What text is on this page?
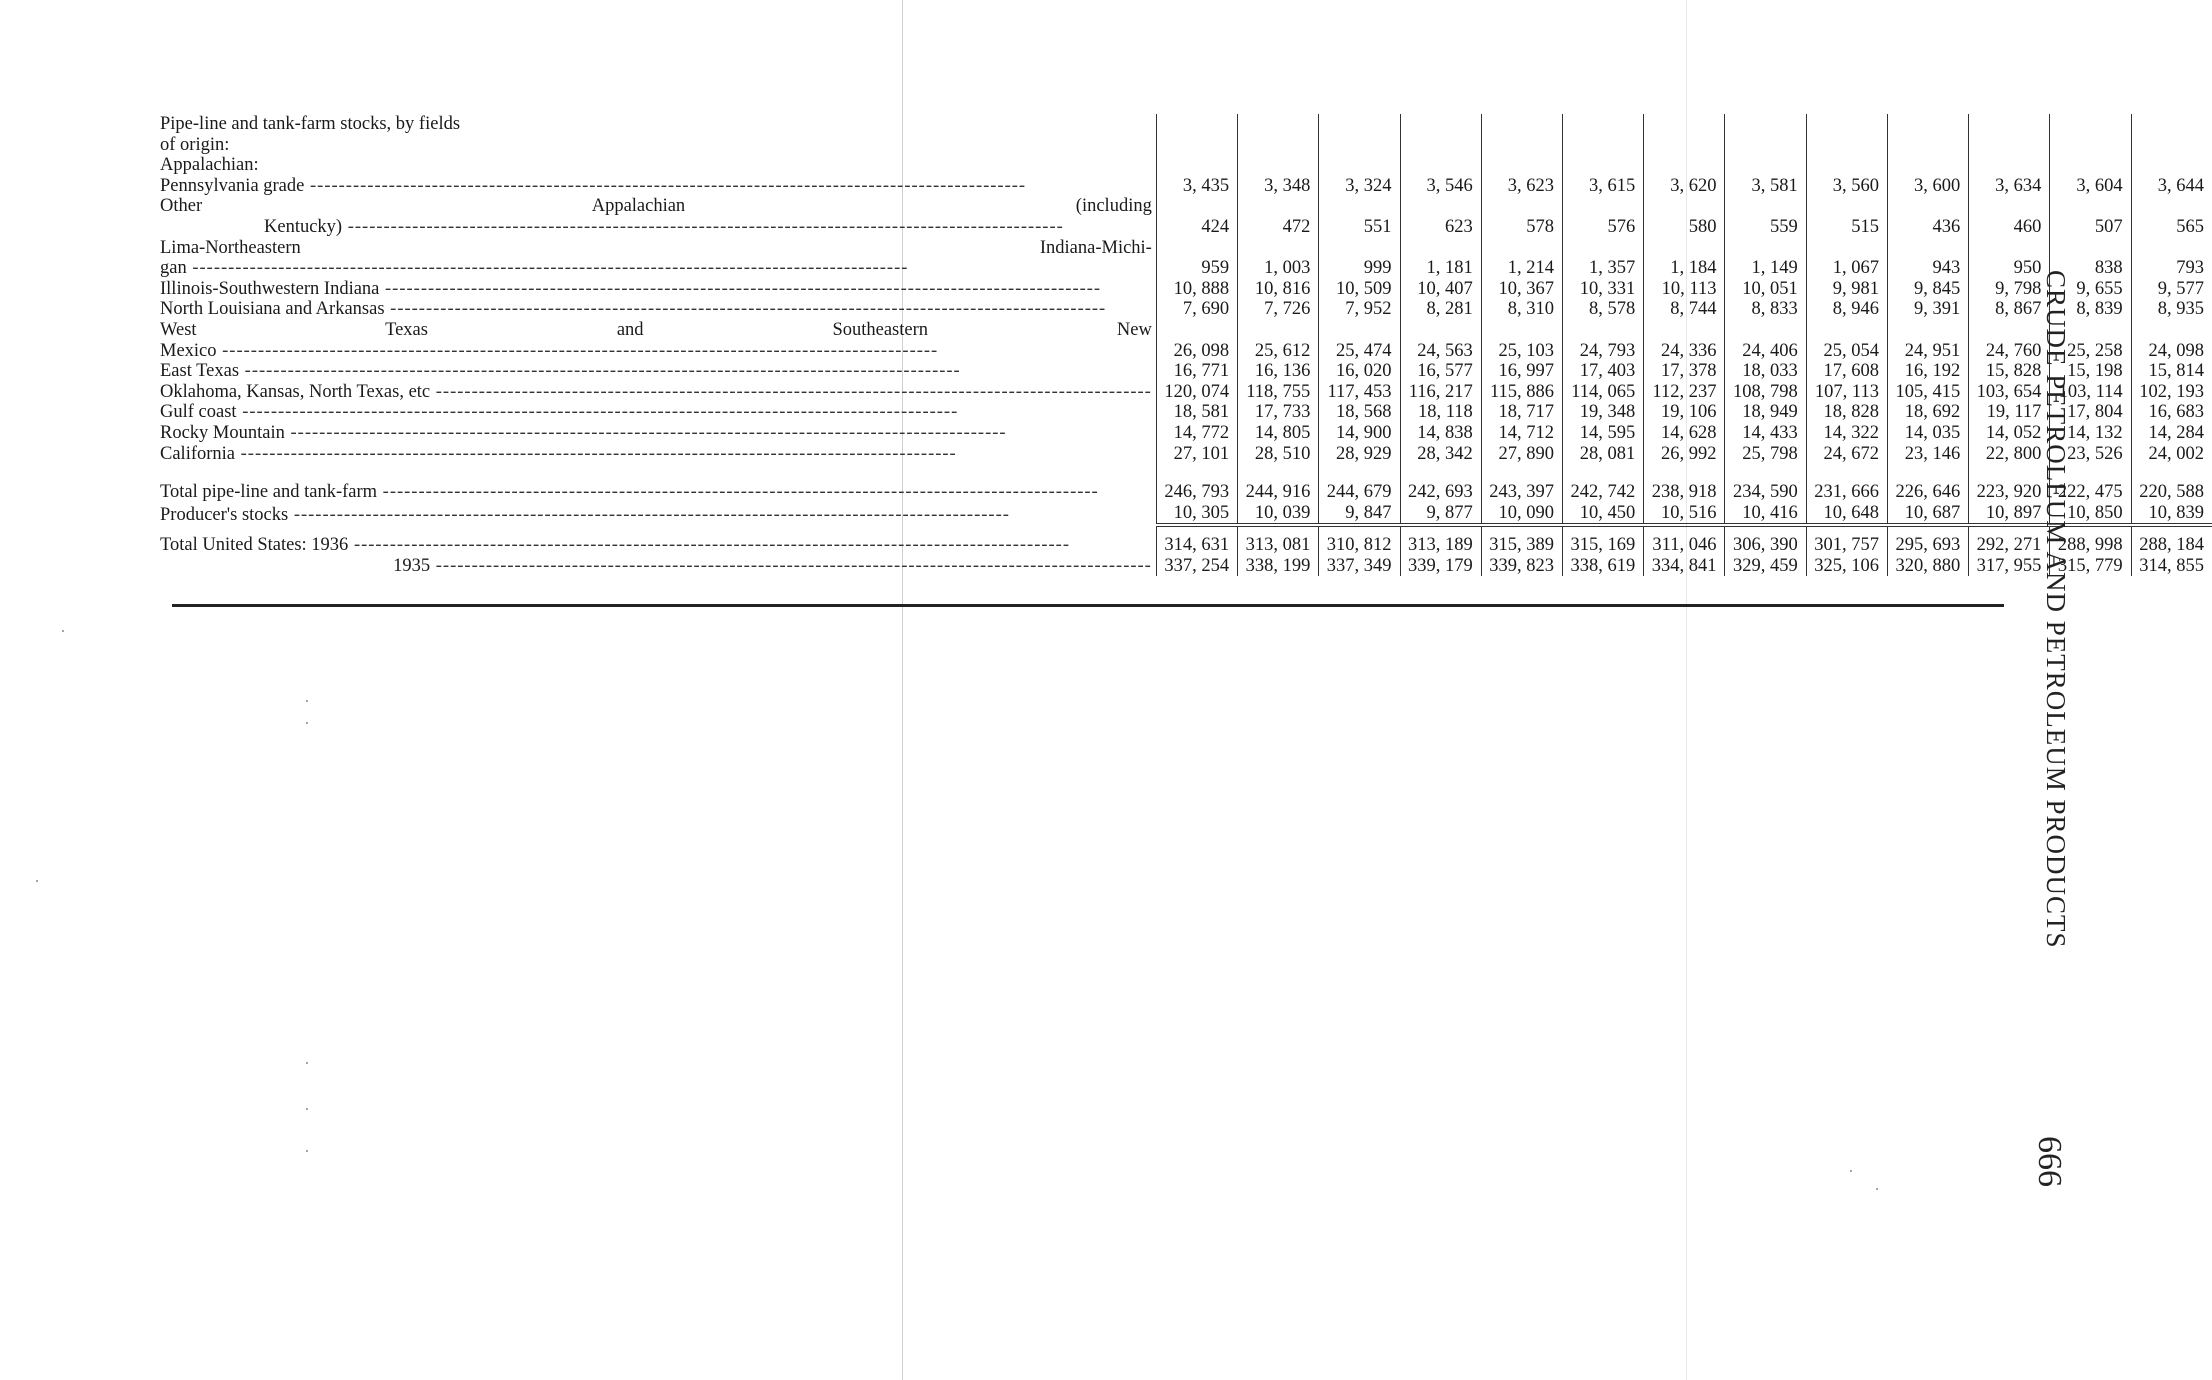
Pipe-line and tank-farm stocks, by fields													
of origin:													
Appalachian:													
Pennsylvania grade -----	3, 435	3, 348	3, 324	3, 546	3, 623	3, 615	3, 620	3, 581	3, 560	3, 600	3, 634	3, 604	3, 644
Other Appalachian (including													
Kentucky) -----	424	472	551	623	578	576	580	559	515	436	460	507	565
Lima-Northeastern Indiana-Michi-													
gan -----	959	1, 003	999	1, 181	1, 214	1, 357	1, 184	1, 149	1, 067	943	950	838	793
Illinois-Southwestern Indiana -----	10, 888	10, 816	10, 509	10, 407	10, 367	10, 331	10, 113	10, 051	9, 981	9, 845	9, 798	9, 655	9, 577
North Louisiana and Arkansas -----	7, 690	7, 726	7, 952	8, 281	8, 310	8, 578	8, 744	8, 833	8, 946	9, 391	8, 867	8, 839	8, 935
West Texas and Southeastern New													
Mexico -----	26, 098	25, 612	25, 474	24, 563	25, 103	24, 793	24, 336	24, 406	25, 054	24, 951	24, 760	25, 258	24, 098
East Texas -----	16, 771	16, 136	16, 020	16, 577	16, 997	17, 403	17, 378	18, 033	17, 608	16, 192	15, 828	15, 198	15, 814
Oklahoma, Kansas, North Texas, etc -----	120, 074	118, 755	117, 453	116, 217	115, 886	114, 065	112, 237	108, 798	107, 113	105, 415	103, 654	103, 114	102, 193
Gulf coast -----	18, 581	17, 733	18, 568	18, 118	18, 717	19, 348	19, 106	18, 949	18, 828	18, 692	19, 117	17, 804	16, 683
Rocky Mountain -----	14, 772	14, 805	14, 900	14, 838	14, 712	14, 595	14, 628	14, 433	14, 322	14, 035	14, 052	14, 132	14, 284
California -----	27, 101	28, 510	28, 929	28, 342	27, 890	28, 081	26, 992	25, 798	24, 672	23, 146	22, 800	23, 526	24, 002

Total pipe-line and tank-farm -----	246, 793	244, 916	244, 679	242, 693	243, 397	242, 742	238, 918	234, 590	231, 666	226, 646	223, 920	222, 475	220, 588
Producer's stocks -----	10, 305	10, 039	9, 847	9, 877	10, 090	10, 450	10, 516	10, 416	10, 648	10, 687	10, 897	10, 850	10, 839

Total United States: 1936 -----	314, 631	313, 081	310, 812	313, 189	315, 389	315, 169	311, 046	306, 390	301, 757	295, 693	292, 271	288, 998	288, 184
1935 -----	337, 254	338, 199	337, 349	339, 179	339, 823	338, 619	334, 841	329, 459	325, 106	320, 880	317, 955	315, 779	314, 855
CRUDE PETROLEUM AND PETROLEUM PRODUCTS
666
